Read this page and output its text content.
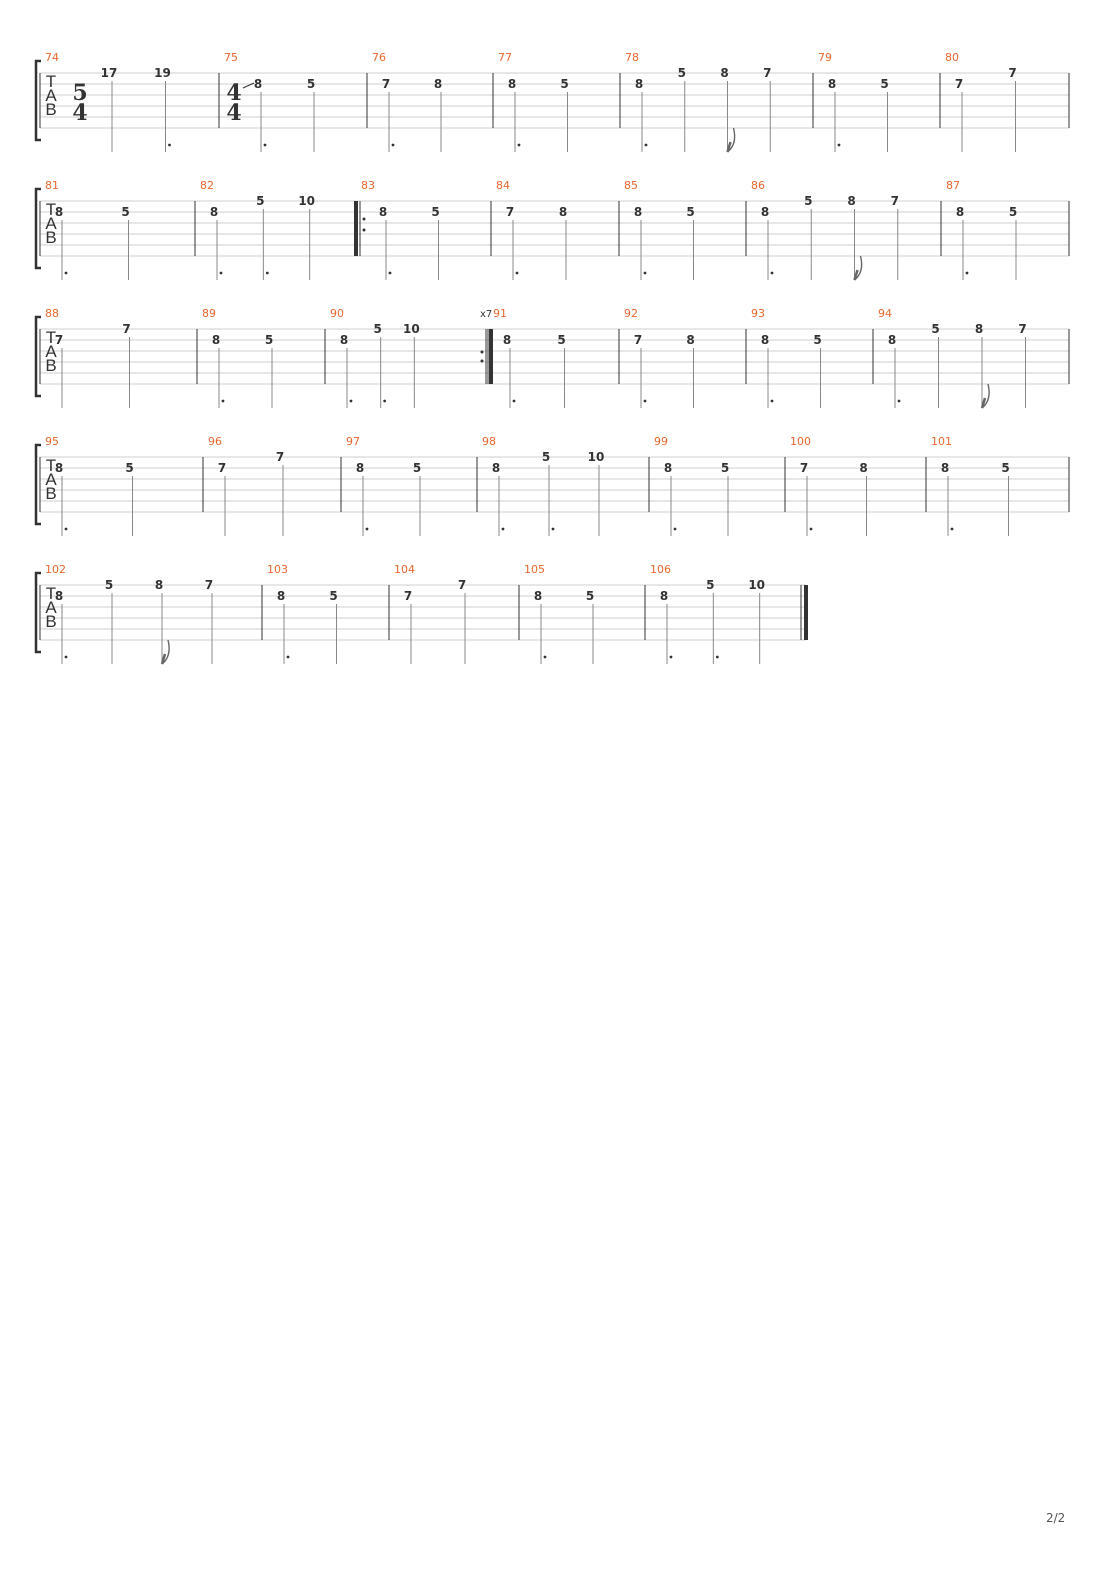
T
A
B
74
5
4
17	19
75
4
4
8	5
76
7	8
77
8	5
78
8
5	8	7
79
8	5
80
7
7
T
A
B
81
8	5
82
8
5	10
83
8	5
84
7	8
85
8	5
86
8
5	8	7
87
8	5
T
A
B
88
7
7
89
8	5
90	x7
8
5 10
91
8	5
92
7	8
93
8	5
94
8
5	8	7
T
A
B
95
8	5
96
7
7
97
8	5
98
8
5	10
99
8	5
100
7	8
101
8	5
T
A
B
102
8
5	8	7
103
8	5
104
7
7
105
8	5
106
8
5	10
2/2
